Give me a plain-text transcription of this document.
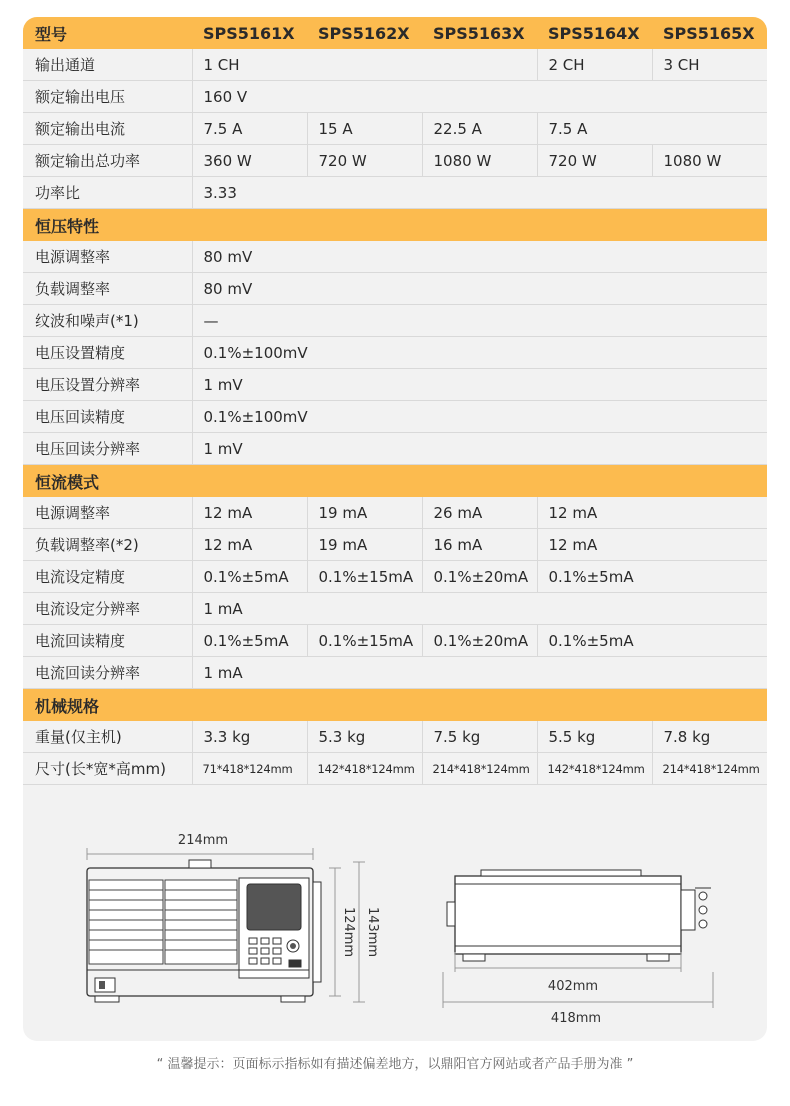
型号	SPS5161X	SPS5162X	SPS5163X	SPS5164X	SPS5165X
输出通道	1 CH			2 CH	3 CH
额定输出电压	160 V				
额定输出电流	7.5 A	15 A	22.5 A	7.5 A	
额定输出总功率	360 W	720 W	1080 W	720 W	1080 W
功率比	3.33				
恒压特性					
电源调整率	80 mV				
负载调整率	80 mV				
纹波和噪声(*1)	—				
电压设置精度	0.1%±100mV				
电压设置分辨率	1 mV				
电压回读精度	0.1%±100mV				
电压回读分辨率	1 mV				
恒流模式					
电源调整率	12 mA	19 mA	26 mA	12 mA	
负载调整率(*2)	12 mA	19 mA	16 mA	12 mA	
电流设定精度	0.1%±5mA	0.1%±15mA	0.1%±20mA	0.1%±5mA	
电流设定分辨率	1 mA				
电流回读精度	0.1%±5mA	0.1%±15mA	0.1%±20mA	0.1%±5mA	
电流回读分辨率	1 mA				
机械规格					
重量(仅主机)	3.3 kg	5.3 kg	7.5 kg	5.5 kg	7.8 kg
尺寸(长*宽*高mm)	71*418*124mm	142*418*124mm	214*418*124mm	142*418*124mm	214*418*124mm
214mm
124mm 143mm
402mm
418mm
“ 温馨提示：页面标示指标如有描述偏差地方，以鼎阳官方网站或者产品手册为准 ”
